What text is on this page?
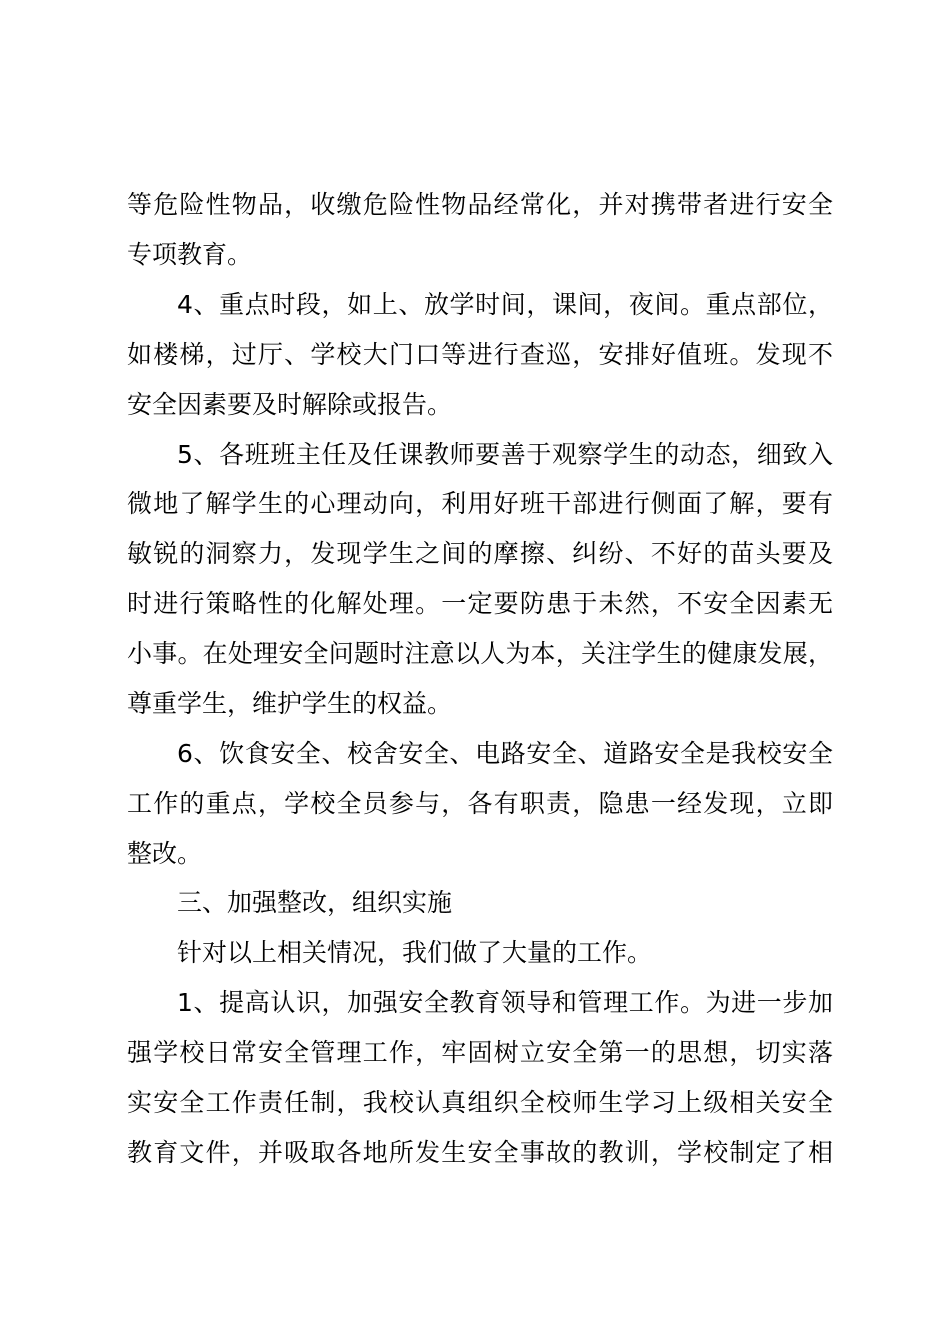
等危险性物品，收缴危险性物品经常化，并对携带者进行安全
专项教育。
4、重点时段，如上、放学时间，课间，夜间。重点部位，
如楼梯，过厅、学校大门口等进行查巡，安排好值班。发现不
安全因素要及时解除或报告。
5、各班班主任及任课教师要善于观察学生的动态，细致入
微地了解学生的心理动向，利用好班干部进行侧面了解，要有
敏锐的洞察力，发现学生之间的摩擦、纠纷、不好的苗头要及
时进行策略性的化解处理。一定要防患于未然，不安全因素无
小事。在处理安全问题时注意以人为本，关注学生的健康发展，
尊重学生，维护学生的权益。
6、饮食安全、校舍安全、电路安全、道路安全是我校安全
工作的重点，学校全员参与，各有职责，隐患一经发现，立即
整改。
三、加强整改，组织实施
针对以上相关情况，我们做了大量的工作。
1、提高认识，加强安全教育领导和管理工作。为进一步加
强学校日常安全管理工作，牢固树立安全第一的思想，切实落
实安全工作责任制，我校认真组织全校师生学习上级相关安全
教育文件，并吸取各地所发生安全事故的教训，学校制定了相
